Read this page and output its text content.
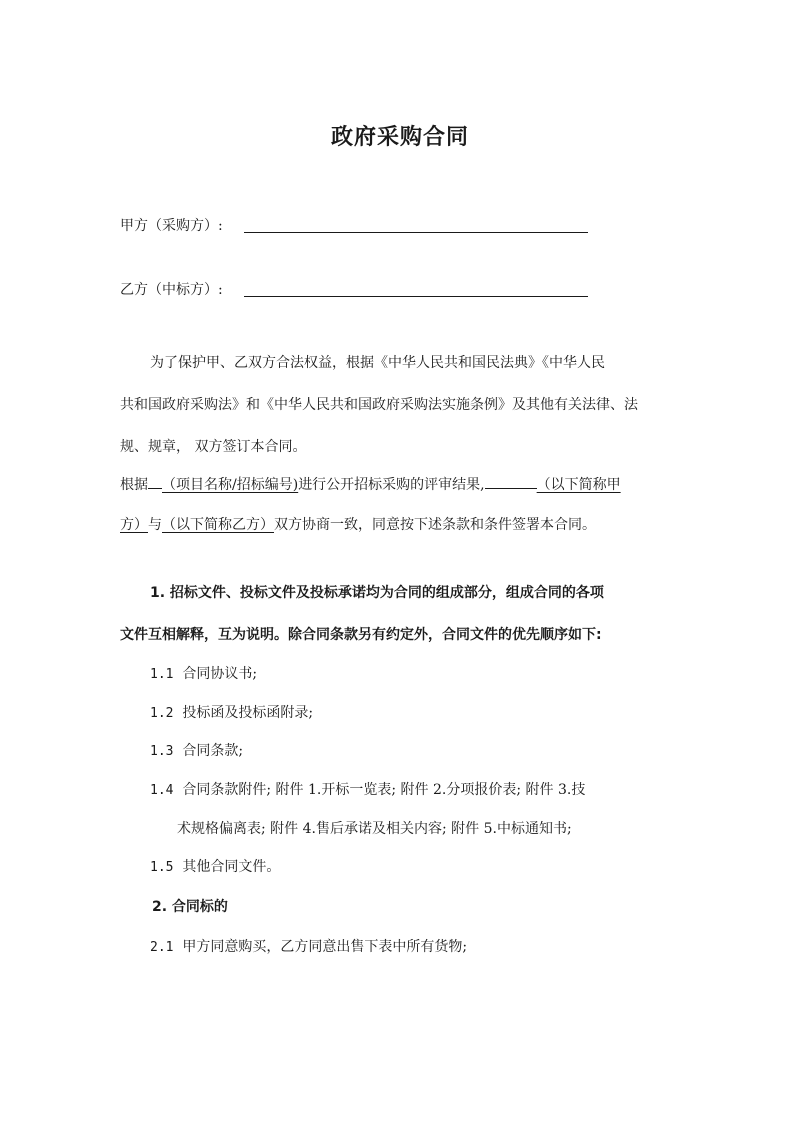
政府采购合同
甲方（采购方）:
乙方（中标方）:
为了保护甲、乙双方合法权益，根据《中华人民共和国民法典》《中华人民
共和国政府采购法》和《中华人民共和国政府采购法实施条例》及其他有关法律、法
规、规章， 双方签订本合同。
根据 （项目名称/招标编号)进行公开招标采购的评审结果,	（以下简称甲
方）与（以下简称乙方）双方协商一致，同意按下述条款和条件签署本合同。
1. 招标文件、投标文件及投标承诺均为合同的组成部分，组成合同的各项
文件互相解释，互为说明。除合同条款另有约定外，合同文件的优先顺序如下:
1.1 合同协议书;
1.2 投标函及投标函附录;
1.3 合同条款;
1.4 合同条款附件; 附件 1.开标一览表; 附件 2.分项报价表; 附件 3.技
术规格偏离表; 附件 4.售后承诺及相关内容; 附件 5.中标通知书;
1.5 其他合同文件。
2. 合同标的
2.1 甲方同意购买，乙方同意出售下表中所有货物;
